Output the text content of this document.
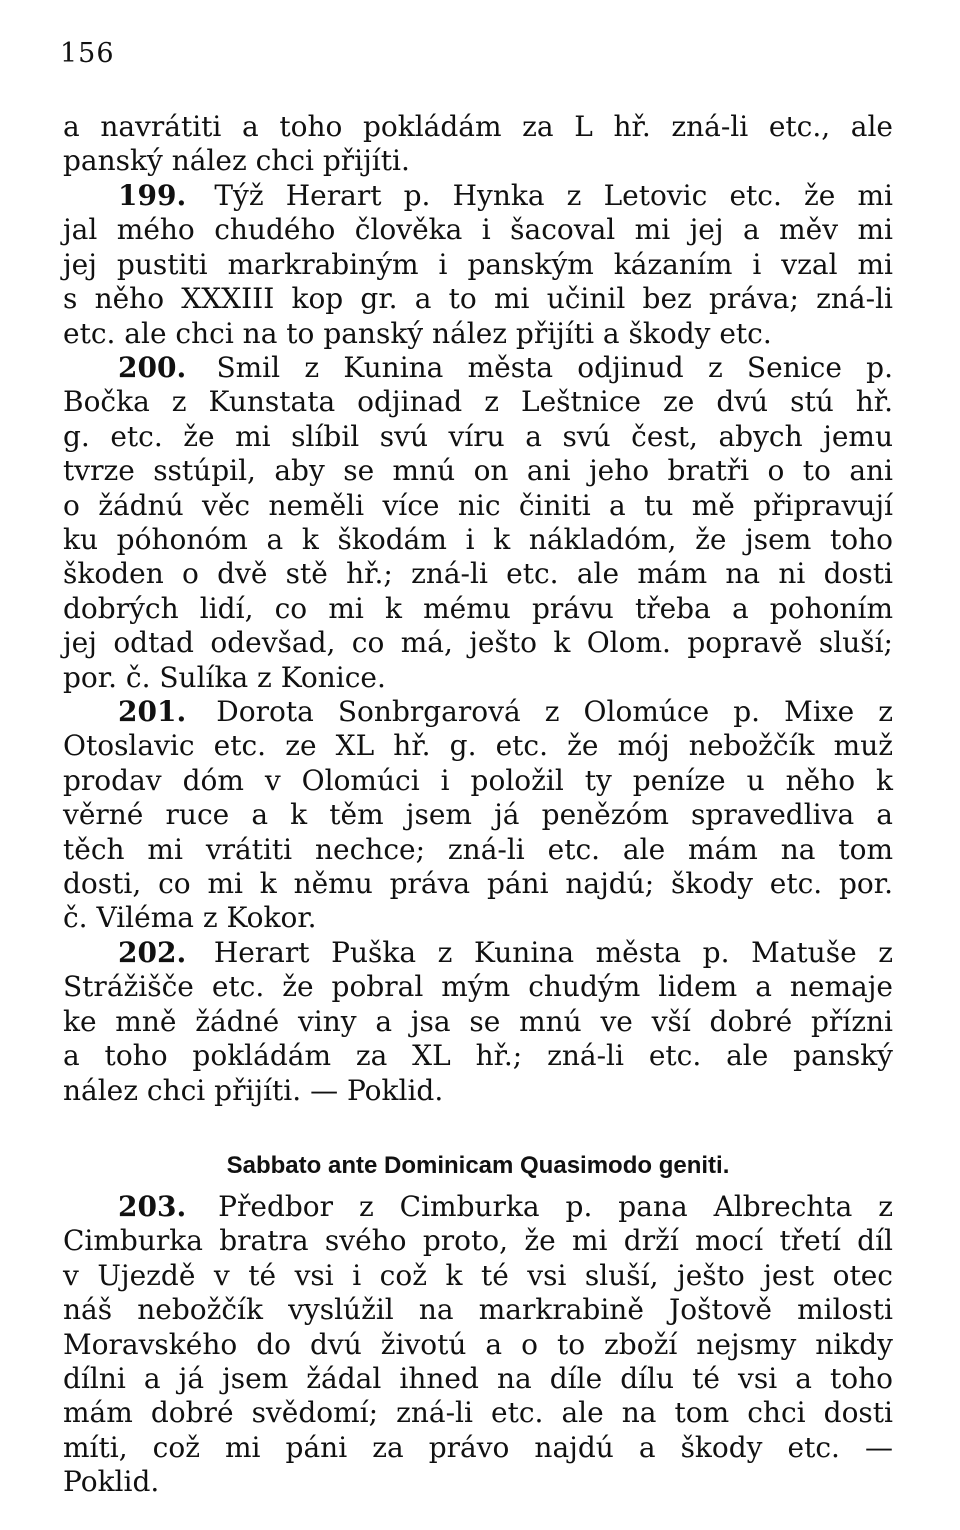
156
a navrátiti a toho pokládám za L hř. zná-li etc., ale
panský nález chci přijíti.
199. Týž Herart p. Hynka z Letovic etc. že mi
jal mého chudého člověka i šacoval mi jej a měv mi
jej pustiti markrabiným i panským kázaním i vzal mi
s něho XXXIII kop gr. a to mi učinil bez práva; zná-li
etc. ale chci na to panský nález přijíti a škody etc.
200. Smil z Kunina města odjinud z Senice p.
Bočka z Kunstata odjinad z Leštnice ze dvú stú hř.
g. etc. že mi slíbil svú víru a svú čest, abych jemu
tvrze sstúpil, aby se mnú on ani jeho bratři o to ani
o žádnú věc neměli více nic činiti a tu mě připravují
ku póhonóm a k škodám i k nákladóm, že jsem toho
škoden o dvě stě hř.; zná-li etc. ale mám na ni dosti
dobrých lidí, co mi k mému právu třeba a pohoním
jej odtad odevšad, co má, ješto k Olom. popravě sluší;
por. č. Sulíka z Konice.
201. Dorota Sonbrgarová z Olomúce p. Mixe z
Otoslavic etc. ze XL hř. g. etc. že mój nebožčík muž
prodav dóm v Olomúci i položil ty peníze u něho k
věrné ruce a k těm jsem já penězóm spravedliva a
těch mi vrátiti nechce; zná-li etc. ale mám na tom
dosti, co mi k němu práva páni najdú; škody etc. por.
č. Viléma z Kokor.
202. Herart Puška z Kunina města p. Matuše z
Strážišče etc. že pobral mým chudým lidem a nemaje
ke mně žádné viny a jsa se mnú ve vší dobré přízni
a toho pokládám za XL hř.; zná-li etc. ale panský
nález chci přijíti. — Poklid.
Sabbato ante Dominicam Quasimodo geniti.
203. Předbor z Cimburka p. pana Albrechta z
Cimburka bratra svého proto, že mi drží mocí třetí díl
v Ujezdě v té vsi i což k té vsi sluší, ješto jest otec
náš nebožčík vyslúžil na markrabině Joštově milosti
Moravského do dvú životú a o to zboží nejsmy nikdy
dílni a já jsem žádal ihned na díle dílu té vsi a toho
mám dobré svědomí; zná-li etc. ale na tom chci dosti
míti, což mi páni za právo najdú a škody etc. —
Poklid.
